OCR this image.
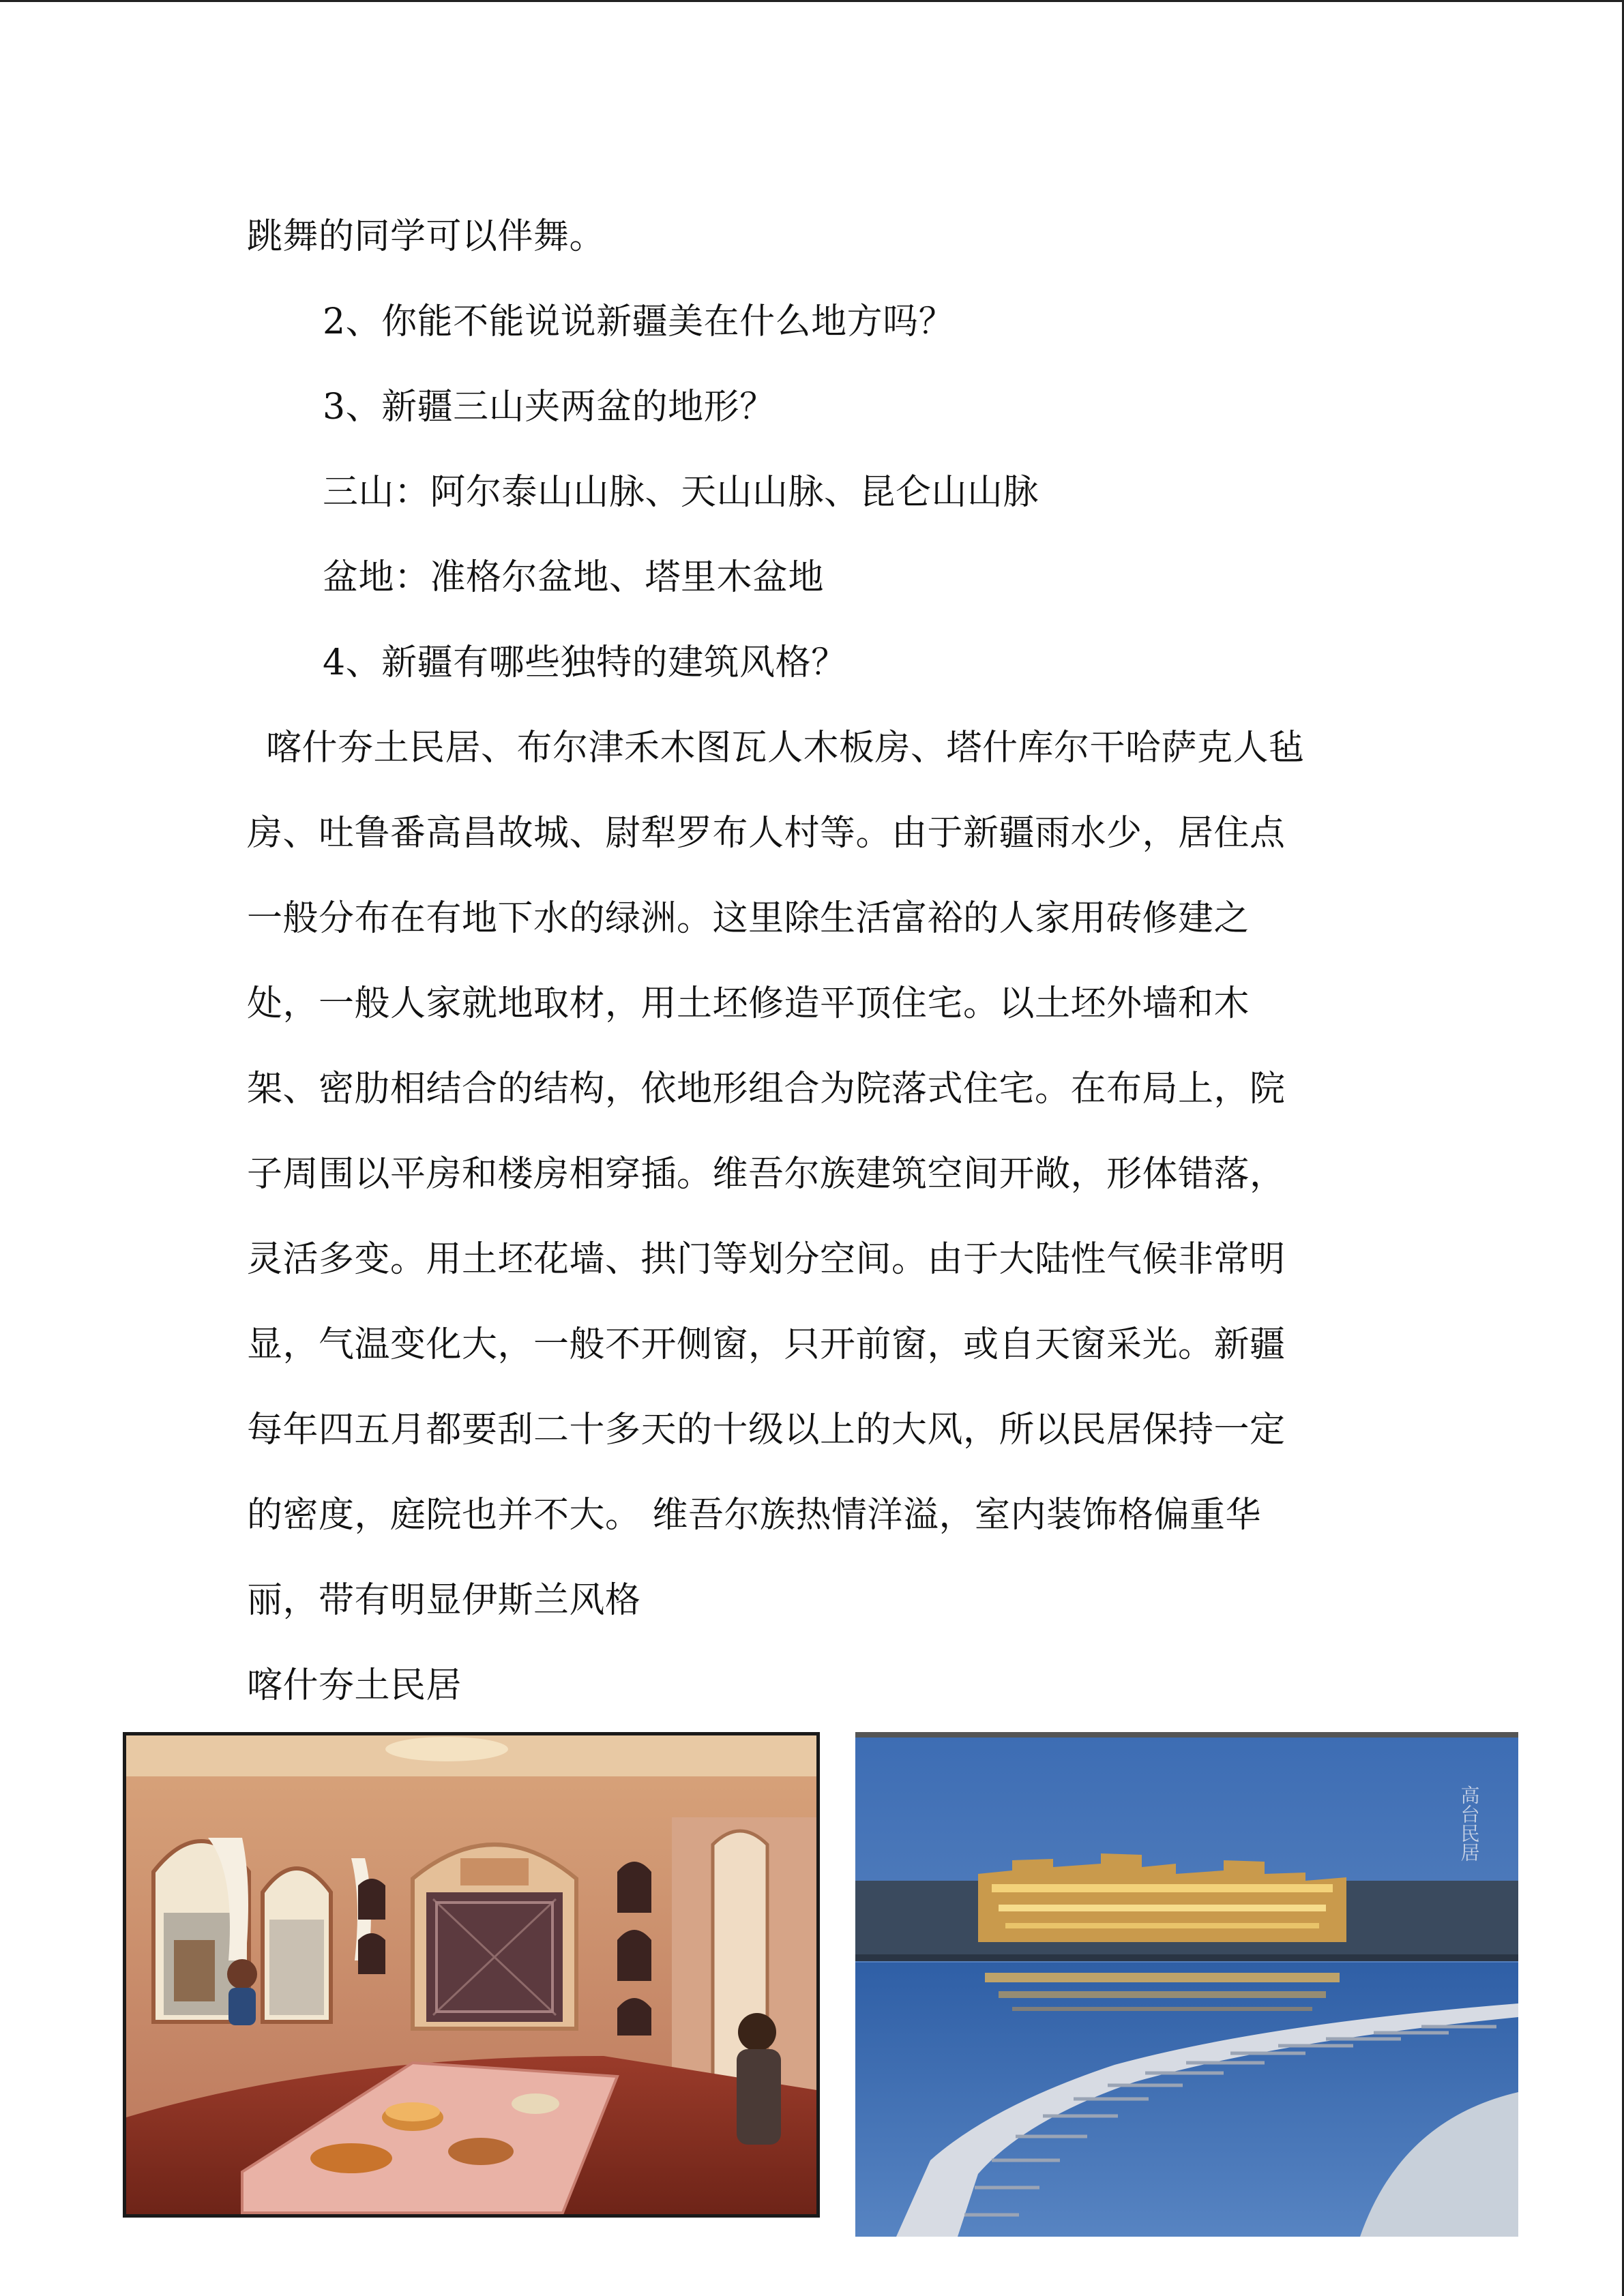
跳舞的同学可以伴舞。
2、你能不能说说新疆美在什么地方吗？
3、新疆三山夹两盆的地形？
三山：阿尔泰山山脉、天山山脉、昆仑山山脉
盆地：准格尔盆地、塔里木盆地
4、新疆有哪些独特的建筑风格？
喀什夯土民居、布尔津禾木图瓦人木板房、塔什库尔干哈萨克人毡
房、吐鲁番高昌故城、尉犁罗布人村等。由于新疆雨水少，居住点
一般分布在有地下水的绿洲。这里除生活富裕的人家用砖修建之
处，一般人家就地取材，用土坯修造平顶住宅。以土坯外墙和木
架、密肋相结合的结构，依地形组合为院落式住宅。在布局上，院
子周围以平房和楼房相穿插。维吾尔族建筑空间开敞，形体错落，
灵活多变。用土坯花墙、拱门等划分空间。由于大陆性气候非常明
显，气温变化大，一般不开侧窗，只开前窗，或自天窗采光。新疆
每年四五月都要刮二十多天的十级以上的大风，所以民居保持一定
的密度，庭院也并不大。 维吾尔族热情洋溢，室内装饰格偏重华
丽，带有明显伊斯兰风格
喀什夯土民居
高台民居
